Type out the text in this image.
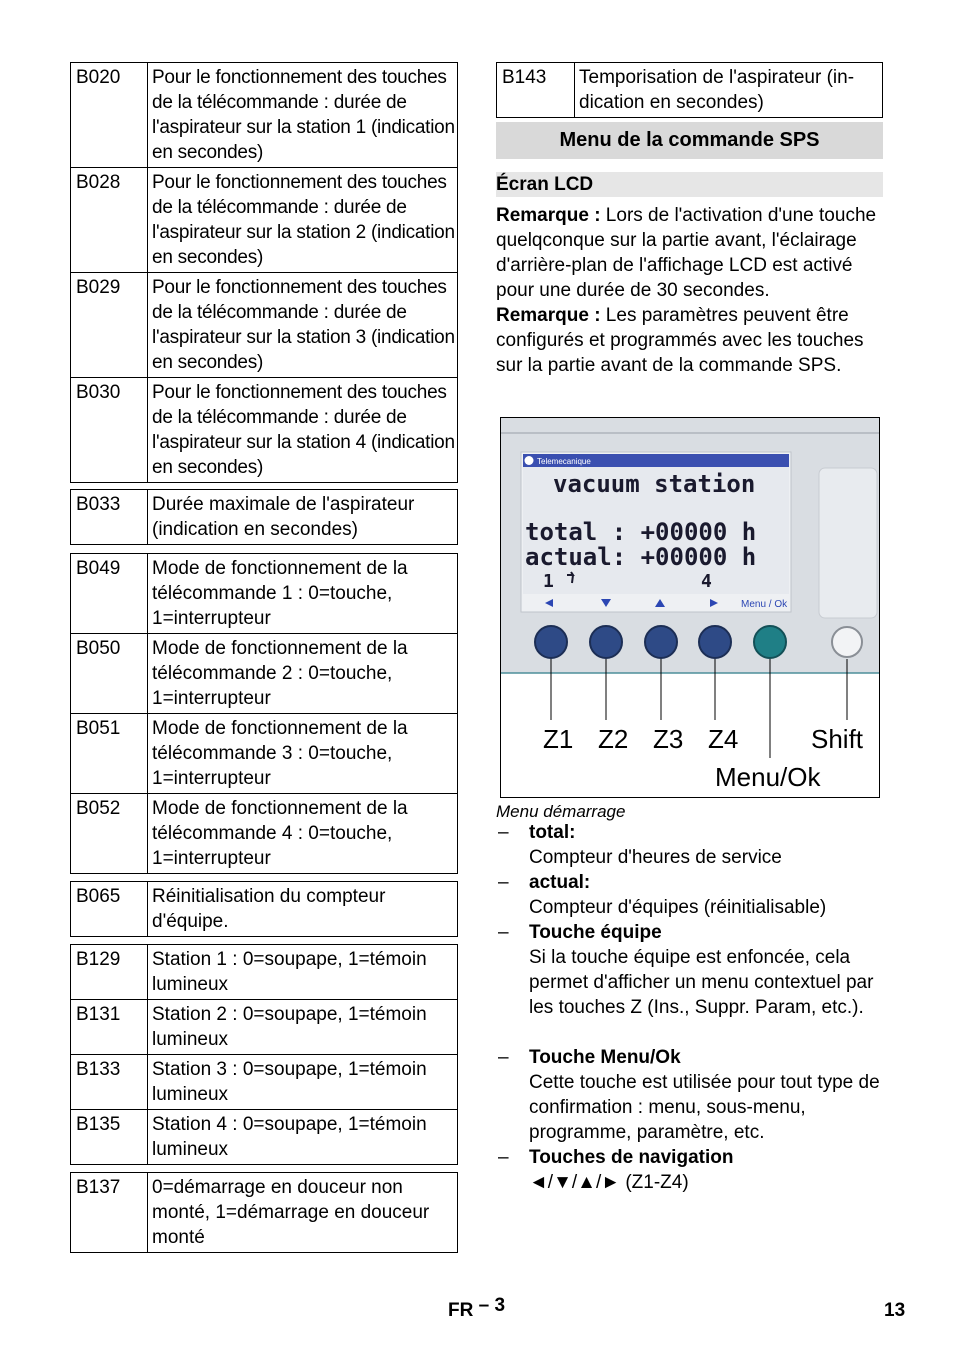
B020	Pour le fonctionnement des touches de la télécommande : durée de l'aspirateur sur la station 1 (indication en secondes)
B028	Pour le fonctionnement des touches de la télécommande : durée de l'aspirateur sur la station 2 (indication en secondes)
B029	Pour le fonctionnement des touches de la télécommande : durée de l'aspirateur sur la station 3 (indication en secondes)
B030	Pour le fonctionnement des touches de la télécommande : durée de l'aspirateur sur la station 4 (indication en secondes)
B033	Durée maximale de l'aspirateur (indication en secondes)
B049	Mode de fonctionnement de la télécommande 1 : 0=touche, 1=interrupteur
B050	Mode de fonctionnement de la télécommande 2 : 0=touche, 1=interrupteur
B051	Mode de fonctionnement de la télécommande 3 : 0=touche, 1=interrupteur
B052	Mode de fonctionnement de la télécommande 4 : 0=touche, 1=interrupteur
B065	Réinitialisation du compteur d'équipe.
B129	Station 1 : 0=soupape, 1=témoin lumineux
B131	Station 2 : 0=soupape, 1=témoin lumineux
B133	Station 3 : 0=soupape, 1=témoin lumineux
B135	Station 4 : 0=soupape, 1=témoin lumineux
B137	0=démarrage en douceur non monté, 1=démarrage en douceur monté
B143	Temporisation de l'aspirateur (in-dication en secondes)
Menu de la commande SPS
Écran LCD
Remarque : Lors de l'activation d'une touche quelqconque sur la partie avant, l'éclairage d'arrière-plan de l'affichage LCD est activé pour une durée de 30 secondes.
Remarque : Les paramètres peuvent être configurés et programmés avec les touches sur la partie avant de la commande SPS.
Telemecanique
vacuum station
total : +00000 h
actual: +00000 h
1	4
Menu / Ok
Z1 Z2 Z3 Z4	Shift
Menu/Ok
Menu démarrage
– total:
Compteur d'heures de service
– actual:
Compteur d'équipes (réinitialisable)
– Touche équipe
Si la touche équipe est enfoncée, cela permet d'afficher un menu contextuel par les touches Z (Ins., Suppr. Param, etc.).
– Touche Menu/Ok
Cette touche est utilisée pour tout type de confirmation : menu, sous-menu, programme, paramètre, etc.
– Touches de navigation
◄/▼/▲/► (Z1-Z4)
FR – 3	13
